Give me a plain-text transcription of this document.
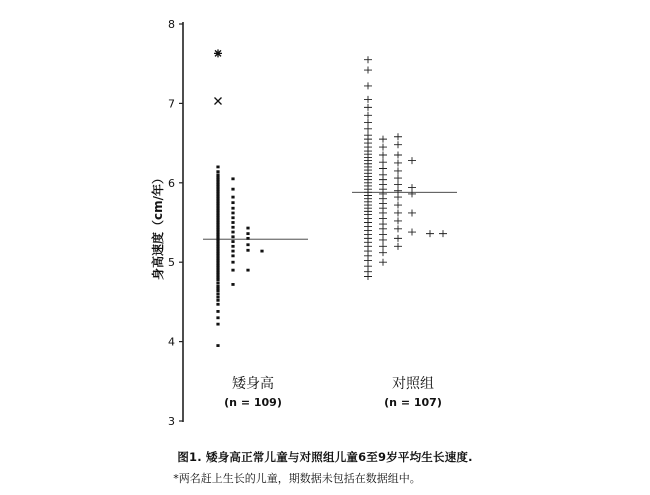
3
4
5
6
7
8
身高速度（cm/年）
矮身高
(n = 109)
对照组
(n = 107)
图1. 矮身高正常儿童与对照组儿童6至9岁平均生长速度.
*两名赶上生长的儿童，期数据未包括在数据组中。
